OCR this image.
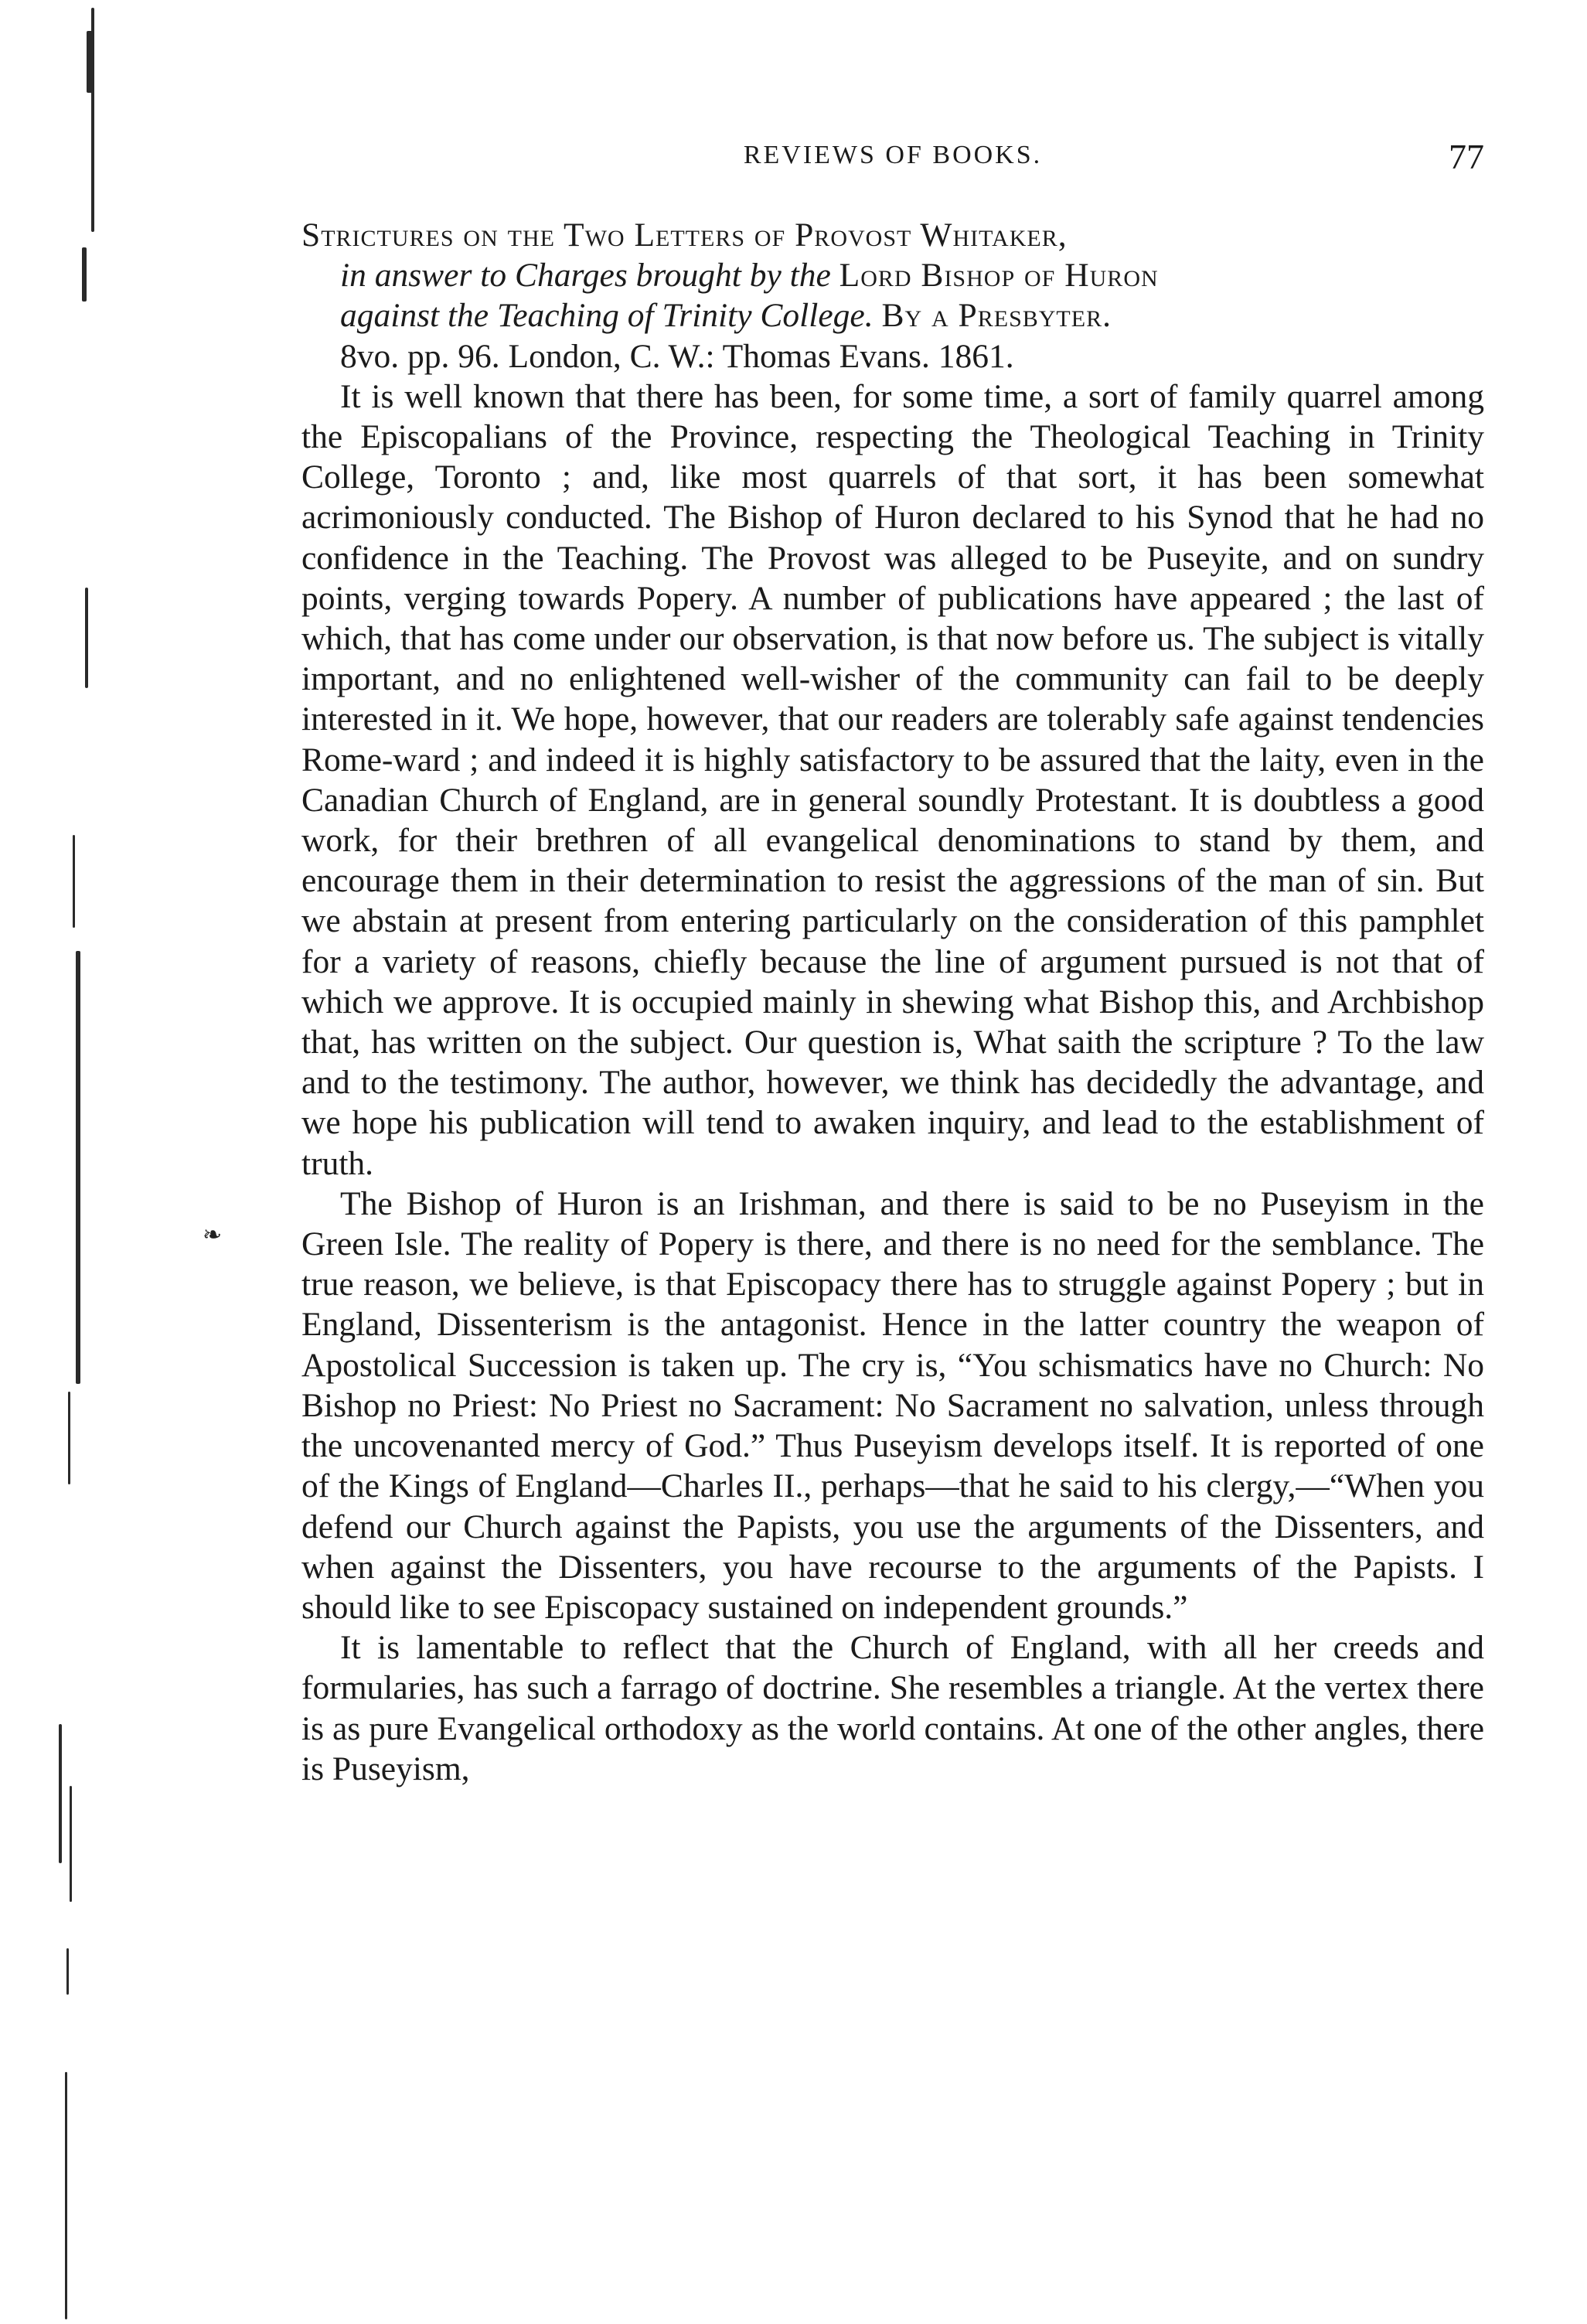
❧
REVIEWS OF BOOKS.	77

Strictures on the Two Letters of Provost Whitaker,
in answer to Charges brought by the Lord Bishop of Huron
against the Teaching of Trinity College. By a Presbyter.
8vo. pp. 96. London, C. W.: Thomas Evans. 1861.

It is well known that there has been, for some time, a sort of family quarrel among the Episcopalians of the Province, respecting the Theological Teaching in Trinity College, Toronto ; and, like most quarrels of that sort, it has been somewhat acrimoniously conducted. The Bishop of Huron declared to his Synod that he had no confidence in the Teaching. The Provost was alleged to be Puseyite, and on sundry points, verging towards Popery. A number of publications have appeared ; the last of which, that has come under our observation, is that now before us. The subject is vitally important, and no enlightened well-wisher of the community can fail to be deeply interested in it. We hope, however, that our readers are tolerably safe against tendencies Rome-ward ; and indeed it is highly satisfactory to be assured that the laity, even in the Canadian Church of England, are in general soundly Protestant. It is doubtless a good work, for their brethren of all evangelical denominations to stand by them, and encourage them in their determination to resist the aggressions of the man of sin. But we abstain at present from entering particularly on the consideration of this pamphlet for a variety of reasons, chiefly because the line of argument pursued is not that of which we approve. It is occupied mainly in shewing what Bishop this, and Archbishop that, has written on the subject. Our question is, What saith the scripture ? To the law and to the testimony. The author, however, we think has decidedly the advantage, and we hope his publication will tend to awaken inquiry, and lead to the establishment of truth.

The Bishop of Huron is an Irishman, and there is said to be no Puseyism in the Green Isle. The reality of Popery is there, and there is no need for the semblance. The true reason, we believe, is that Episcopacy there has to struggle against Popery ; but in England, Dissenterism is the antagonist. Hence in the latter country the weapon of Apostolical Succession is taken up. The cry is, “You schismatics have no Church: No Bishop no Priest: No Priest no Sacrament: No Sacrament no salvation, unless through the uncovenanted mercy of God.” Thus Puseyism develops itself. It is reported of one of the Kings of England—Charles II., perhaps—that he said to his clergy,—“When you defend our Church against the Papists, you use the arguments of the Dissenters, and when against the Dissenters, you have recourse to the arguments of the Papists. I should like to see Episcopacy sustained on independent grounds.”

It is lamentable to reflect that the Church of England, with all her creeds and formularies, has such a farrago of doctrine. She resembles a triangle. At the vertex there is as pure Evangelical orthodoxy as the world contains. At one of the other angles, there is Puseyism,
